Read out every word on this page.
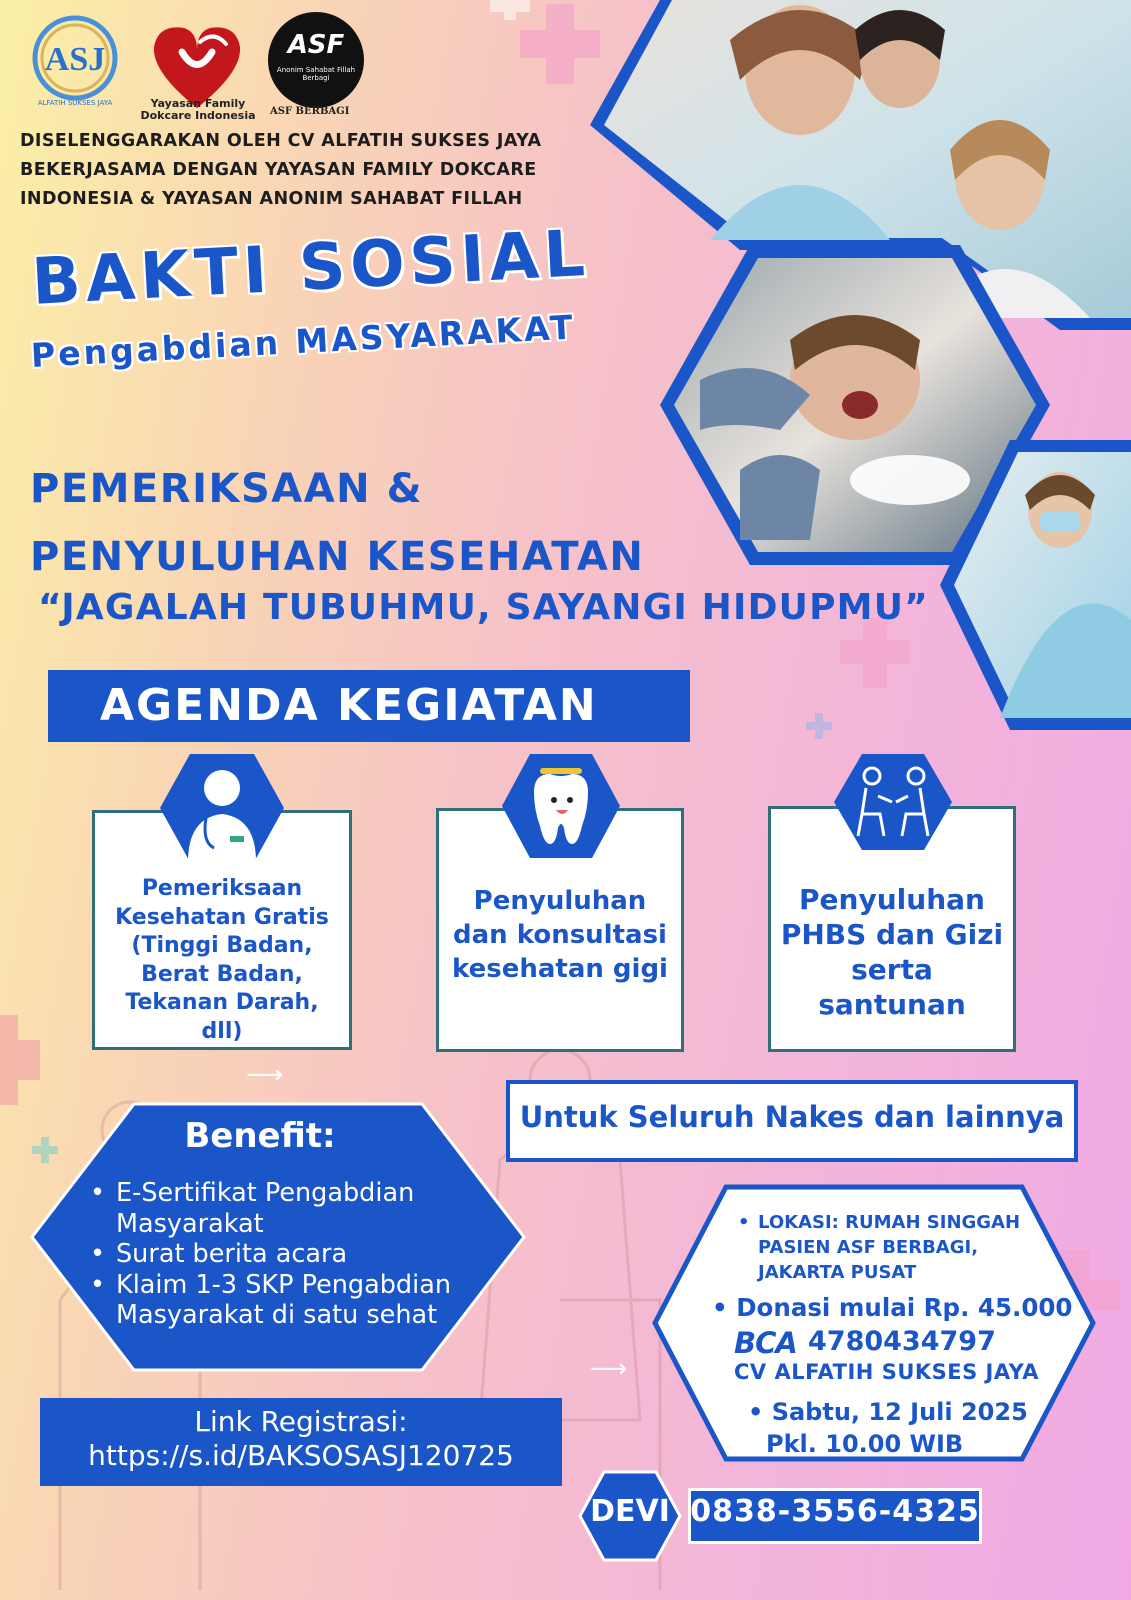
ASJ
ALFATIH SUKSES JAYA	Yayasan Family Dokcare Indonesia
ASF
Anonim Sahabat Fillah Berbagi
ASF BERBAGI
DISELENGGARAKAN OLEH CV ALFATIH SUKSES JAYA
BEKERJASAMA DENGAN YAYASAN FAMILY DOKCARE
INDONESIA & YAYASAN ANONIM SAHABAT FILLAH
BAKTI SOSIAL
Pengabdian MASYARAKAT
PEMERIKSAAN &
PENYULUHAN KESEHATAN
“JAGALAH TUBUHMU, SAYANGI HIDUPMU”
AGENDA KEGIATAN
Pemeriksaan
Kesehatan Gratis
(Tinggi Badan,
Berat Badan,
Tekanan Darah,
dll)
Penyuluhan
dan konsultasi
kesehatan gigi
Penyuluhan
PHBS dan Gizi
serta
santunan
⟶
⟶
Untuk Seluruh Nakes dan lainnya
Benefit:
• E-Sertifikat Pengabdian Masyarakat
• Surat berita acara
• Klaim 1-3 SKP Pengabdian Masyarakat di satu sehat
Link Registrasi:
https://s.id/BAKSOSASJ120725
• LOKASI: RUMAH SINGGAH
PASIEN ASF BERBAGI,
JAKARTA PUSAT
• Donasi mulai Rp. 45.000
BCA 4780434797
CV ALFATIH SUKSES JAYA
• Sabtu, 12 Juli 2025
Pkl. 10.00 WIB
DEVI 0838-3556-4325
